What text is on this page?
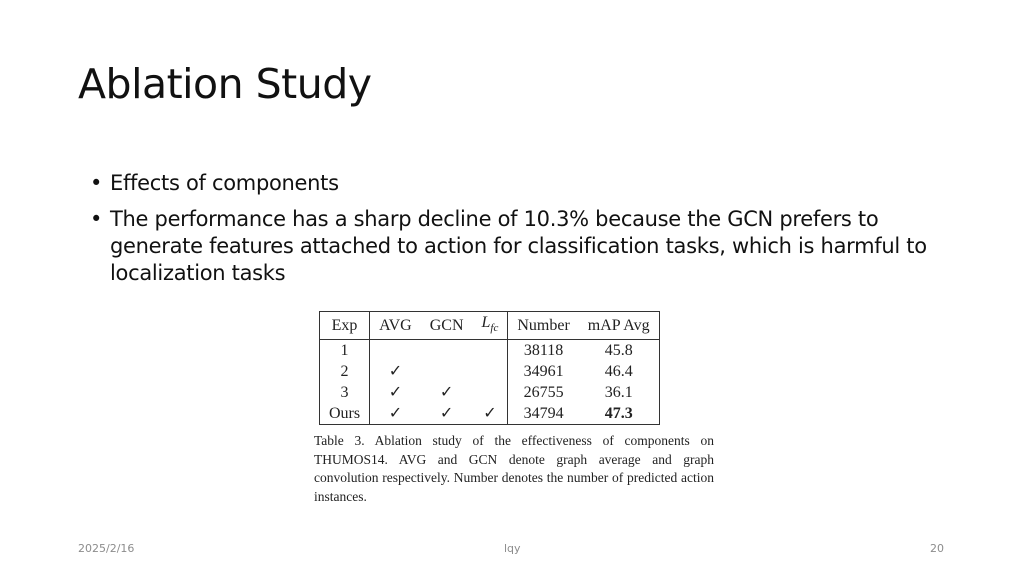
Ablation Study
• Effects of components
• The performance has a sharp decline of 10.3% because the GCN prefers to generate features attached to action for classification tasks, which is harmful to localization tasks
Exp	AVG	GCN	$L_{fc}$	Number	mAP Avg
1				38118	45.8
2	✓			34961	46.4
3	✓	✓		26755	36.1
Ours	✓	✓	✓	34794	47.3
Table 3. Ablation study of the effectiveness of components on THUMOS14. AVG and GCN denote graph average and graph convolution respectively. Number denotes the number of predicted action instances.
2025/2/16	lqy	20
